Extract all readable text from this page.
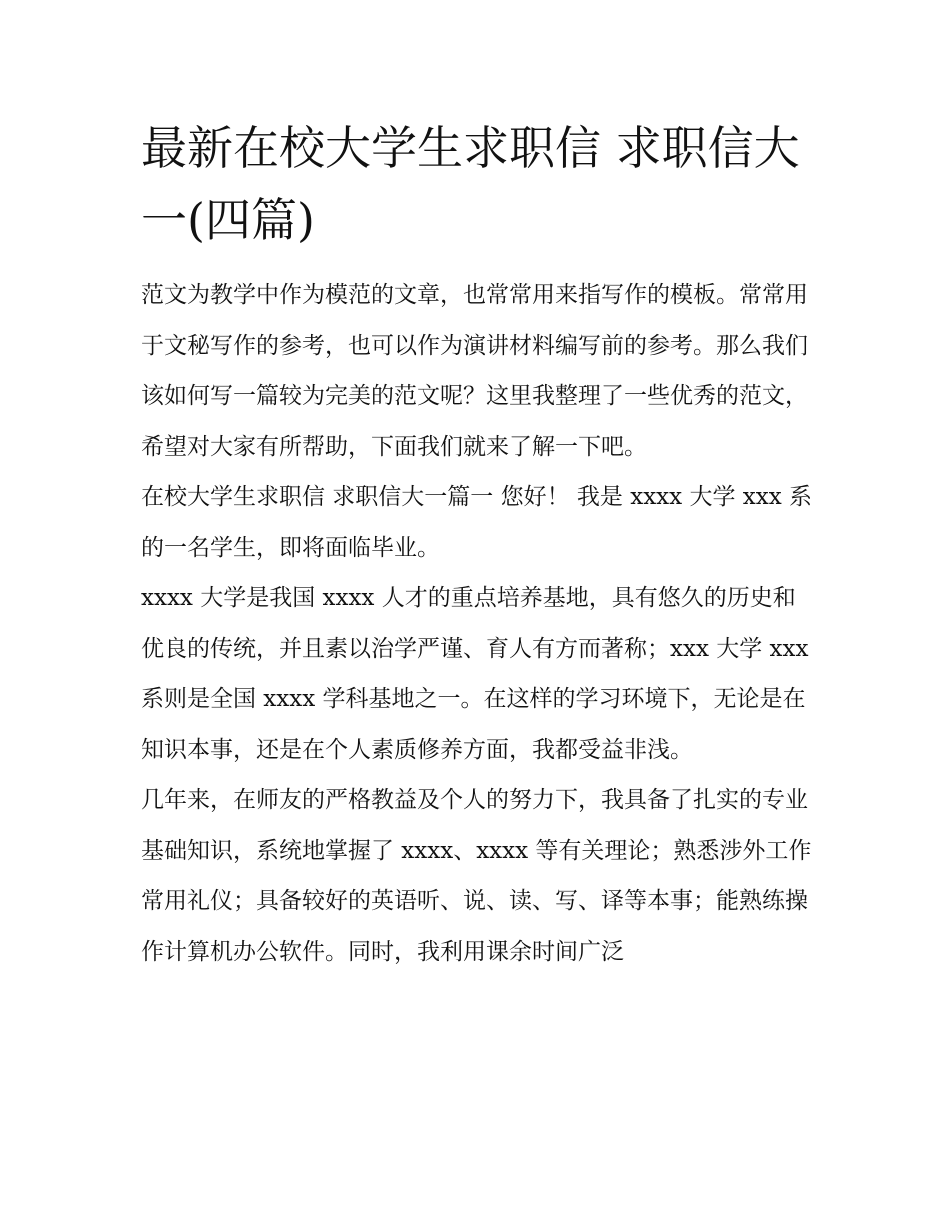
最新在校大学生求职信 求职信大一(四篇)

范文为教学中作为模范的文章，也常常用来指写作的模板。常常用于文秘写作的参考，也可以作为演讲材料编写前的参考。那么我们该如何写一篇较为完美的范文呢？这里我整理了一些优秀的范文，希望对大家有所帮助，下面我们就来了解一下吧。

在校大学生求职信 求职信大一篇一 您好！ 我是 xxxx 大学 xxx 系的一名学生，即将面临毕业。

xxxx 大学是我国 xxxx 人才的重点培养基地，具有悠久的历史和优良的传统，并且素以治学严谨、育人有方而著称；xxx 大学 xxx 系则是全国 xxxx 学科基地之一。在这样的学习环境下，无论是在知识本事，还是在个人素质修养方面，我都受益非浅。

几年来，在师友的严格教益及个人的努力下，我具备了扎实的专业基础知识，系统地掌握了 xxxx、xxxx 等有关理论；熟悉涉外工作常用礼仪；具备较好的英语听、说、读、写、译等本事；能熟练操作计算机办公软件。同时，我利用课余时间广泛
